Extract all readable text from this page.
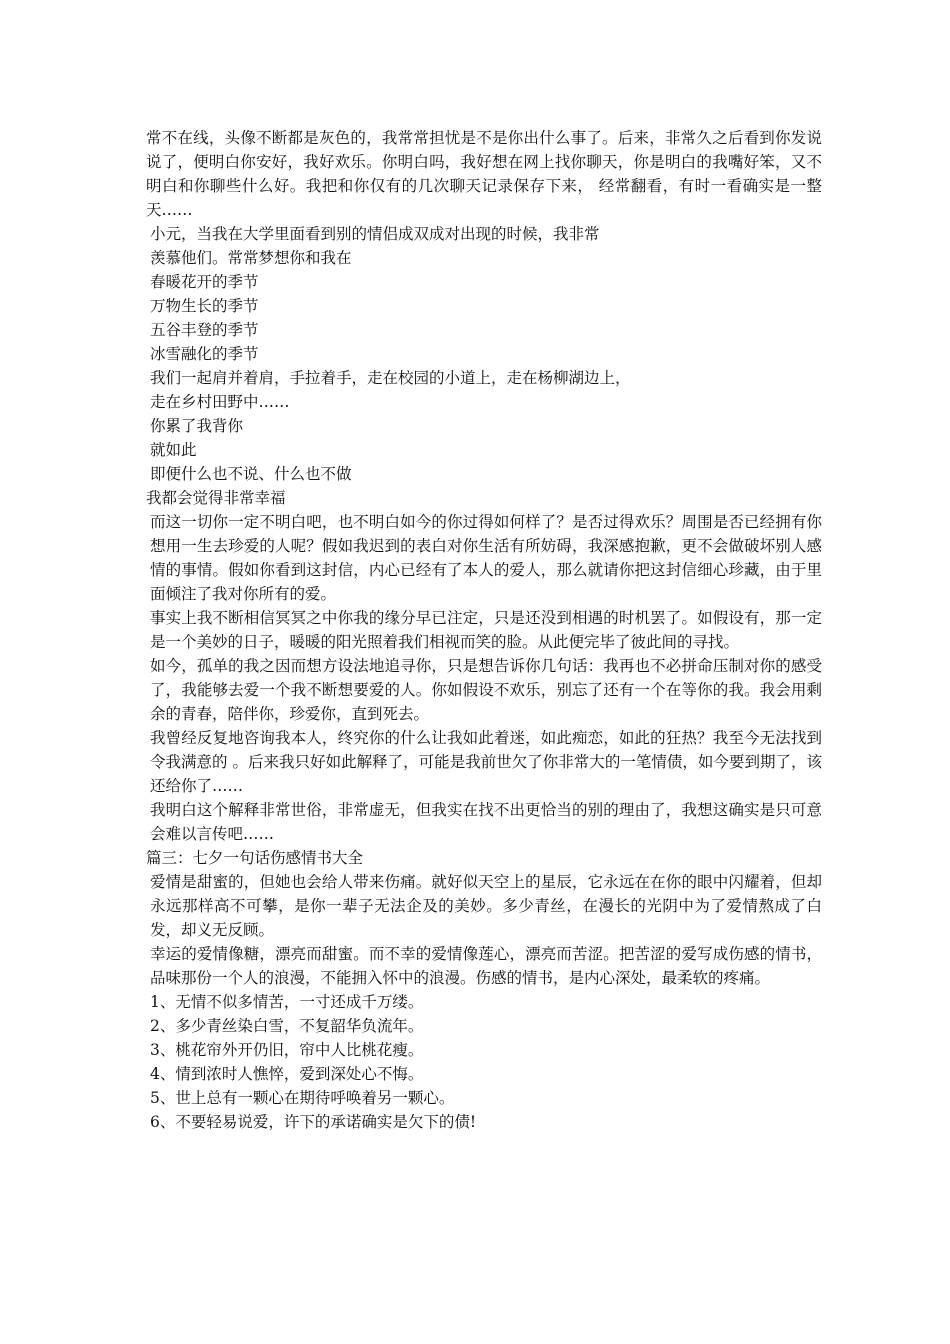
常不在线，头像不断都是灰色的，我常常担忧是不是你出什么事了。后来，非常久之后看到你发说说了，便明白你安好，我好欢乐。你明白吗，我好想在网上找你聊天，你是明白的我嘴好笨，又不明白和你聊些什么好。我把和你仅有的几次聊天记录保存下来， 经常翻看，有时一看确实是一整天……

小元，当我在大学里面看到别的情侣成双成对出现的时候，我非常

羡慕他们。常常梦想你和我在

春暖花开的季节

万物生长的季节

五谷丰登的季节

冰雪融化的季节

我们一起肩并着肩，手拉着手，走在校园的小道上，走在杨柳湖边上，

走在乡村田野中……

你累了我背你

就如此

即便什么也不说、什么也不做

我都会觉得非常幸福

而这一切你一定不明白吧，也不明白如今的你过得如何样了？是否过得欢乐？周围是否已经拥有你想用一生去珍爱的人呢？假如我迟到的表白对你生活有所妨碍，我深感抱歉，更不会做破坏别人感情的事情。假如你看到这封信，内心已经有了本人的爱人，那么就请你把这封信细心珍藏，由于里面倾注了我对你所有的爱。

事实上我不断相信冥冥之中你我的缘分早已注定，只是还没到相遇的时机罢了。如假设有，那一定是一个美妙的日子，暖暖的阳光照着我们相视而笑的脸。从此便完毕了彼此间的寻找。

如今，孤单的我之因而想方设法地追寻你，只是想告诉你几句话：我再也不必拼命压制对你的感受了，我能够去爱一个我不断想要爱的人。你如假设不欢乐，别忘了还有一个在等你的我。我会用剩余的青春，陪伴你，珍爱你，直到死去。

我曾经反复地咨询我本人，终究你的什么让我如此着迷，如此痴恋，如此的狂热？我至今无法找到令我满意的 。后来我只好如此解释了，可能是我前世欠了你非常大的一笔情债，如今要到期了，该还给你了……

我明白这个解释非常世俗，非常虚无，但我实在找不出更恰当的别的理由了，我想这确实是只可意会难以言传吧……

篇三：七夕一句话伤感情书大全

爱情是甜蜜的，但她也会给人带来伤痛。就好似天空上的星辰，它永远在在你的眼中闪耀着，但却永远那样高不可攀，是你一辈子无法企及的美妙。多少青丝，在漫长的光阴中为了爱情熬成了白发，却义无反顾。

幸运的爱情像糖，漂亮而甜蜜。而不幸的爱情像莲心，漂亮而苦涩。把苦涩的爱写成伤感的情书，品味那份一个人的浪漫，不能拥入怀中的浪漫。伤感的情书，是内心深处，最柔软的疼痛。

1、无情不似多情苦，一寸还成千万缕。

2、多少青丝染白雪，不复韶华负流年。

3、桃花帘外开仍旧，帘中人比桃花瘦。

4、情到浓时人憔悴，爱到深处心不悔。

5、世上总有一颗心在期待呼唤着另一颗心。

6、不要轻易说爱，许下的承诺确实是欠下的债!
